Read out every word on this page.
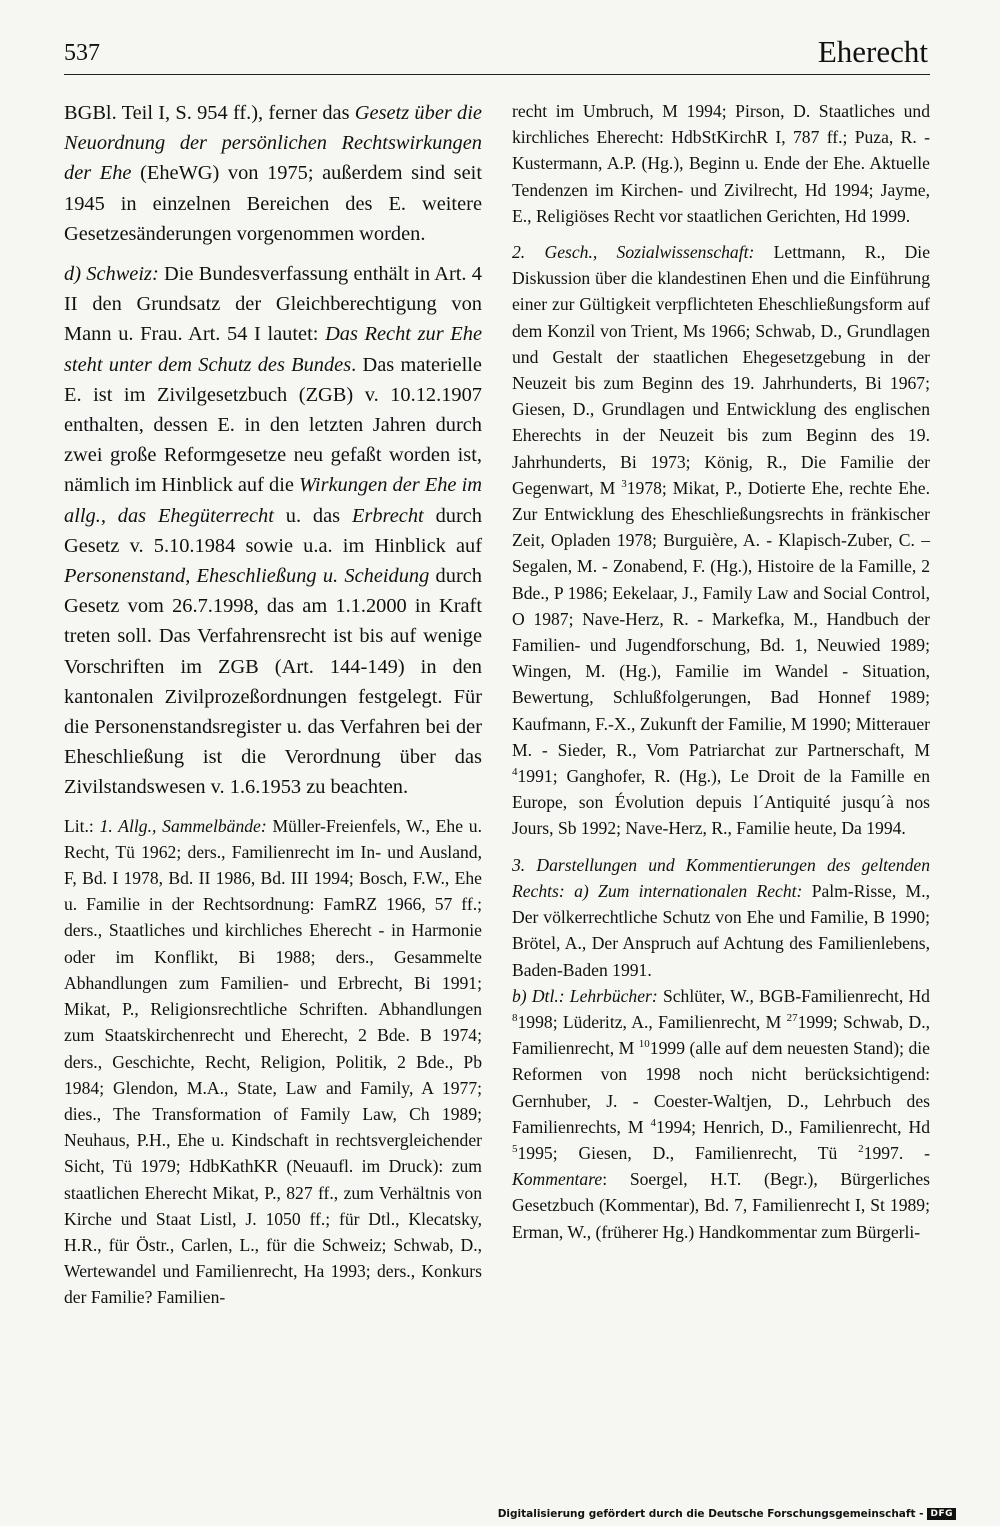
537	Eherecht

BGBl. Teil I, S. 954 ff.), ferner das Gesetz über die Neuordnung der persönlichen Rechtswirkungen der Ehe (EheWG) von 1975; außerdem sind seit 1945 in einzelnen Bereichen des E. weitere Gesetzesänderungen vorgenommen worden.

d) Schweiz: Die Bundesverfassung enthält in Art. 4 II den Grundsatz der Gleichberechtigung von Mann u. Frau. Art. 54 I lautet: Das Recht zur Ehe steht unter dem Schutz des Bundes. Das materielle E. ist im Zivilgesetzbuch (ZGB) v. 10.12.1907 enthalten, dessen E. in den letzten Jahren durch zwei große Reformgesetze neu gefaßt worden ist, nämlich im Hinblick auf die Wirkungen der Ehe im allg., das Ehegüterrecht u. das Erbrecht durch Gesetz v. 5.10.1984 sowie u.a. im Hinblick auf Personenstand, Eheschließung u. Scheidung durch Gesetz vom 26.7.1998, das am 1.1.2000 in Kraft treten soll. Das Verfahrensrecht ist bis auf wenige Vorschriften im ZGB (Art. 144-149) in den kantonalen Zivilprozeßordnungen festgelegt. Für die Personenstandsregister u. das Verfahren bei der Eheschließung ist die Verordnung über das Zivilstandswesen v. 1.6.1953 zu beachten.

Lit.: 1. Allg., Sammelbände: Müller-Freienfels, W., Ehe u. Recht, Tü 1962; ders., Familienrecht im In- und Ausland, F, Bd. I 1978, Bd. II 1986, Bd. III 1994; Bosch, F.W., Ehe u. Familie in der Rechtsordnung: FamRZ 1966, 57 ff.; ders., Staatliches und kirchliches Eherecht - in Harmonie oder im Konflikt, Bi 1988; ders., Gesammelte Abhandlungen zum Familien- und Erbrecht, Bi 1991; Mikat, P., Religionsrechtliche Schriften. Abhandlungen zum Staatskirchenrecht und Eherecht, 2 Bde. B 1974; ders., Geschichte, Recht, Religion, Politik, 2 Bde., Pb 1984; Glendon, M.A., State, Law and Family, A 1977; dies., The Transformation of Family Law, Ch 1989; Neuhaus, P.H., Ehe u. Kindschaft in rechtsvergleichender Sicht, Tü 1979; HdbKathKR (Neuaufl. im Druck): zum staatlichen Eherecht Mikat, P., 827 ff., zum Verhältnis von Kirche und Staat Listl, J. 1050 ff.; für Dtl., Klecatsky, H.R., für Östr., Carlen, L., für die Schweiz; Schwab, D., Wertewandel und Familienrecht, Ha 1993; ders., Konkurs der Familie? Familien-

recht im Umbruch, M 1994; Pirson, D. Staatliches und kirchliches Eherecht: HdbStKirchR I, 787 ff.; Puza, R. - Kustermann, A.P. (Hg.), Beginn u. Ende der Ehe. Aktuelle Tendenzen im Kirchen- und Zivilrecht, Hd 1994; Jayme, E., Religiöses Recht vor staatlichen Gerichten, Hd 1999.

2. Gesch., Sozialwissenschaft: Lettmann, R., Die Diskussion über die klandestinen Ehen und die Einführung einer zur Gültigkeit verpflichteten Eheschließungsform auf dem Konzil von Trient, Ms 1966; Schwab, D., Grundlagen und Gestalt der staatlichen Ehegesetzgebung in der Neuzeit bis zum Beginn des 19. Jahrhunderts, Bi 1967; Giesen, D., Grundlagen und Entwicklung des englischen Eherechts in der Neuzeit bis zum Beginn des 19. Jahrhunderts, Bi 1973; König, R., Die Familie der Gegenwart, M $^3$1978; Mikat, P., Dotierte Ehe, rechte Ehe. Zur Entwicklung des Eheschließungsrechts in fränkischer Zeit, Opladen 1978; Burguière, A. - Klapisch-Zuber, C. – Segalen, M. - Zonabend, F. (Hg.), Histoire de la Famille, 2 Bde., P 1986; Eekelaar, J., Family Law and Social Control, O 1987; Nave-Herz, R. - Markefka, M., Handbuch der Familien- und Jugendforschung, Bd. 1, Neuwied 1989; Wingen, M. (Hg.), Familie im Wandel - Situation, Bewertung, Schlußfolgerungen, Bad Honnef 1989; Kaufmann, F.-X., Zukunft der Familie, M 1990; Mitterauer M. - Sieder, R., Vom Patriarchat zur Partnerschaft, M $^4$1991; Ganghofer, R. (Hg.), Le Droit de la Famille en Europe, son Évolution depuis l´Antiquité jusqu´à nos Jours, Sb 1992; Nave-Herz, R., Familie heute, Da 1994.

3. Darstellungen und Kommentierungen des geltenden Rechts: a) Zum internationalen Recht: Palm-Risse, M., Der völkerrechtliche Schutz von Ehe und Familie, B 1990; Brötel, A., Der Anspruch auf Achtung des Familienlebens, Baden-Baden 1991.

b) Dtl.: Lehrbücher: Schlüter, W., BGB-Familienrecht, Hd $^8$1998; Lüderitz, A., Familienrecht, M $^{27}$1999; Schwab, D., Familienrecht, M $^{10}$1999 (alle auf dem neuesten Stand); die Reformen von 1998 noch nicht berücksichtigend: Gernhuber, J. - Coester-Waltjen, D., Lehrbuch des Familienrechts, M $^4$1994; Henrich, D., Familienrecht, Hd $^5$1995; Giesen, D., Familienrecht, Tü $^2$1997. - Kommentare: Soergel, H.T. (Begr.), Bürgerliches Gesetzbuch (Kommentar), Bd. 7, Familienrecht I, St 1989; Erman, W., (früherer Hg.) Handkommentar zum Bürgerli-

Digitalisierung gefördert durch die Deutsche Forschungsgemeinschaft - DFG
